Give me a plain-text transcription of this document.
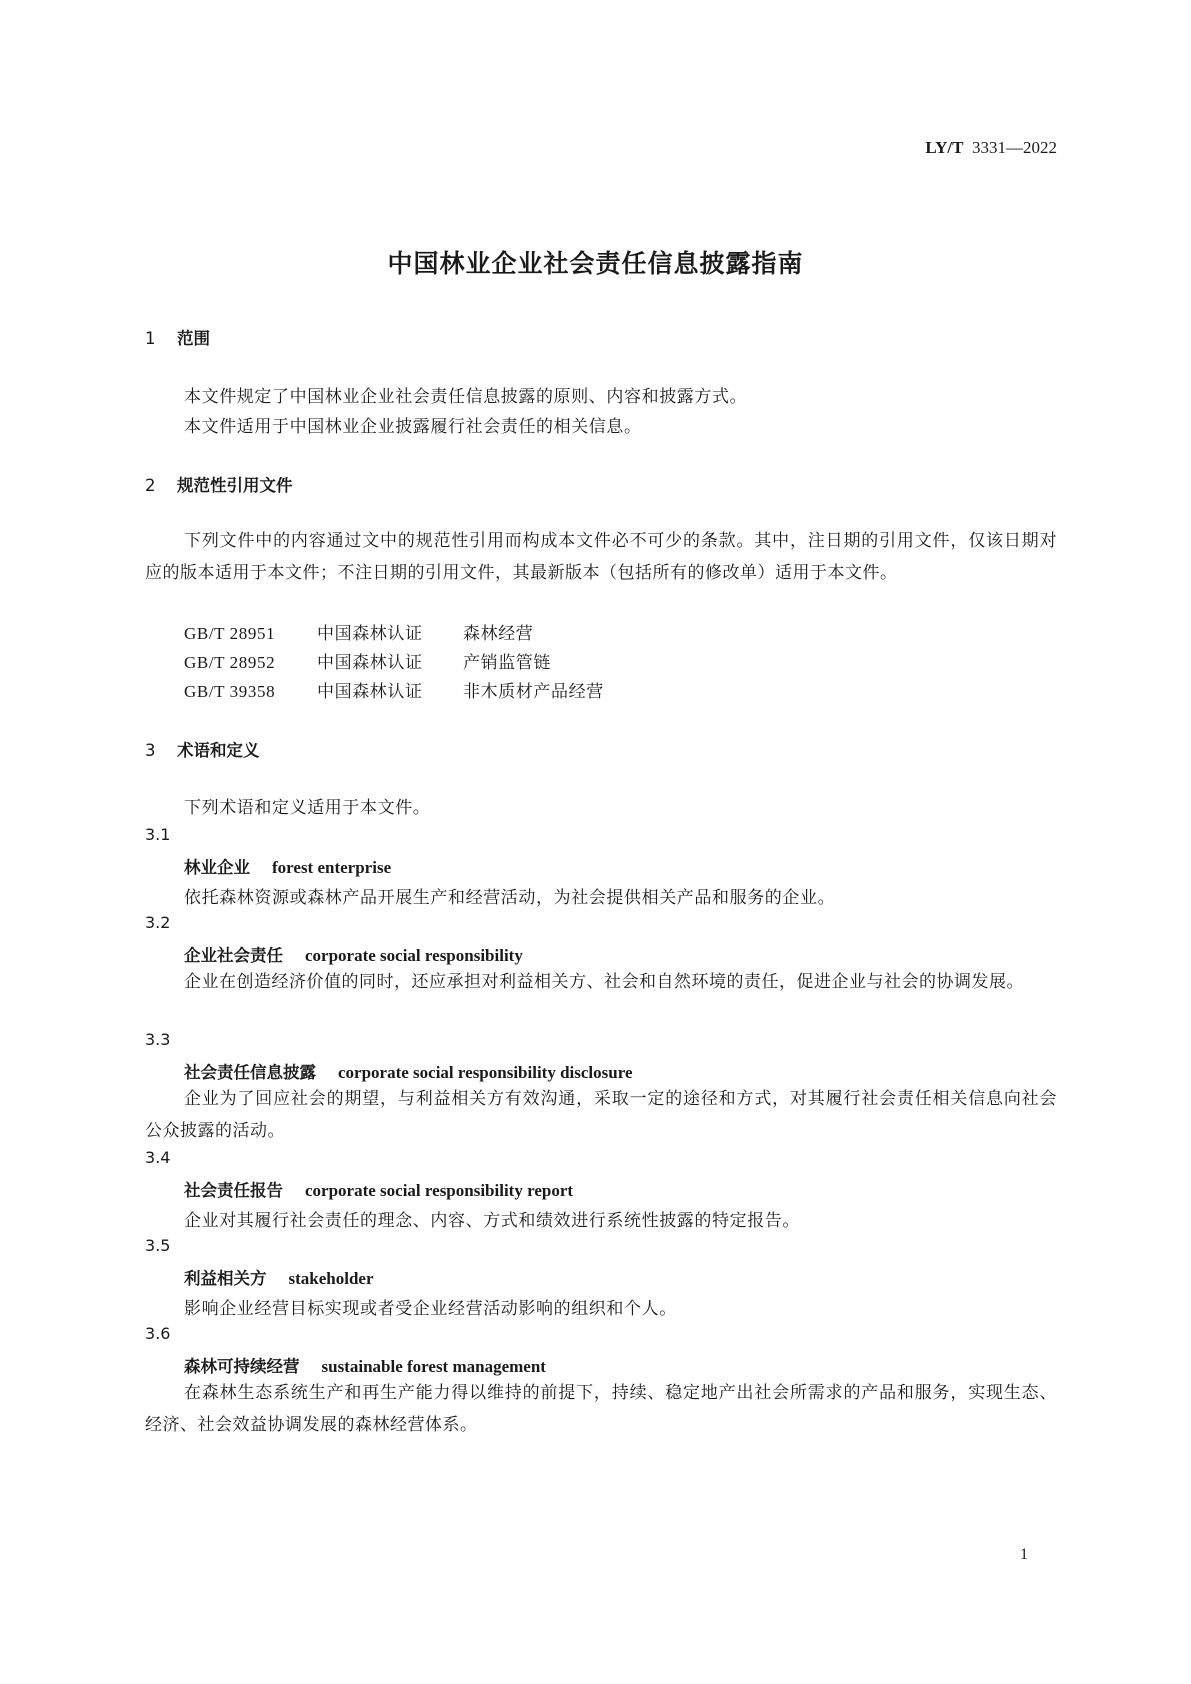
LY/T 3331—2022
中国林业企业社会责任信息披露指南
1 范围
本文件规定了中国林业企业社会责任信息披露的原则、内容和披露方式。
本文件适用于中国林业企业披露履行社会责任的相关信息。
2 规范性引用文件
下列文件中的内容通过文中的规范性引用而构成本文件必不可少的条款。其中，注日期的引用文件，仅该日期对应的版本适用于本文件；不注日期的引用文件，其最新版本（包括所有的修改单）适用于本文件。
GB/T 28951 中国森林认证 森林经营
GB/T 28952 中国森林认证 产销监管链
GB/T 39358 中国森林认证 非木质材产品经营
3 术语和定义
下列术语和定义适用于本文件。
3.1
林业企业 forest enterprise
依托森林资源或森林产品开展生产和经营活动，为社会提供相关产品和服务的企业。
3.2
企业社会责任 corporate social responsibility
企业在创造经济价值的同时，还应承担对利益相关方、社会和自然环境的责任，促进企业与社会的协调发展。
3.3
社会责任信息披露 corporate social responsibility disclosure
企业为了回应社会的期望，与利益相关方有效沟通，采取一定的途径和方式，对其履行社会责任相关信息向社会公众披露的活动。
3.4
社会责任报告 corporate social responsibility report
企业对其履行社会责任的理念、内容、方式和绩效进行系统性披露的特定报告。
3.5
利益相关方 stakeholder
影响企业经营目标实现或者受企业经营活动影响的组织和个人。
3.6
森林可持续经营 sustainable forest management
在森林生态系统生产和再生产能力得以维持的前提下，持续、稳定地产出社会所需求的产品和服务，实现生态、经济、社会效益协调发展的森林经营体系。
1
